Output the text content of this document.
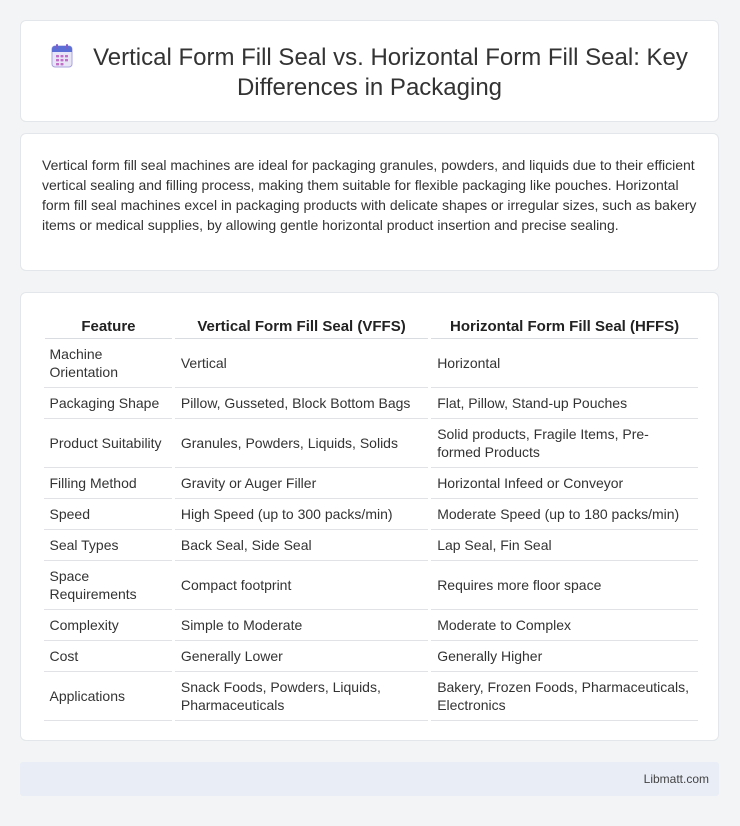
Vertical Form Fill Seal vs. Horizontal Form Fill Seal: Key Differences in Packaging

Vertical form fill seal machines are ideal for packaging granules, powders, and liquids due to their efficient vertical sealing and filling process, making them suitable for flexible packaging like pouches. Horizontal form fill seal machines excel in packaging products with delicate shapes or irregular sizes, such as bakery items or medical supplies, by allowing gentle horizontal product insertion and precise sealing.

Feature	Vertical Form Fill Seal (VFFS)	Horizontal Form Fill Seal (HFFS)
Machine Orientation	Vertical	Horizontal
Packaging Shape	Pillow, Gusseted, Block Bottom Bags	Flat, Pillow, Stand-up Pouches
Product Suitability	Granules, Powders, Liquids, Solids	Solid products, Fragile Items, Pre-formed Products
Filling Method	Gravity or Auger Filler	Horizontal Infeed or Conveyor
Speed	High Speed (up to 300 packs/min)	Moderate Speed (up to 180 packs/min)
Seal Types	Back Seal, Side Seal	Lap Seal, Fin Seal
Space Requirements	Compact footprint	Requires more floor space
Complexity	Simple to Moderate	Moderate to Complex
Cost	Generally Lower	Generally Higher
Applications	Snack Foods, Powders, Liquids, Pharmaceuticals	Bakery, Frozen Foods, Pharmaceuticals, Electronics
Libmatt.com
